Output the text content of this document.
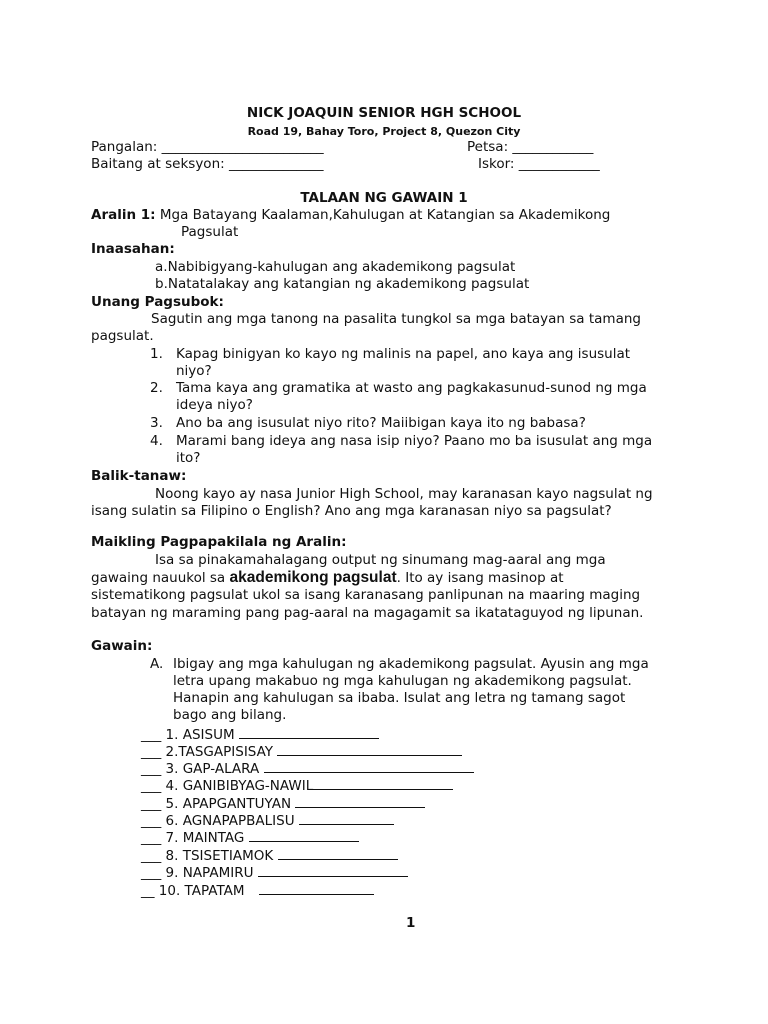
NICK JOAQUIN SENIOR HGH SCHOOL
Road 19, Bahay Toro, Project 8, Quezon City
Pangalan: ________________________	Petsa: ____________
Baitang at seksyon: ______________	Iskor: ____________
TALAAN NG GAWAIN 1
Aralin 1: Mga Batayang Kaalaman,Kahulugan at Katangian sa Akademikong
Pagsulat
Inaasahan:
a.Nabibigyang-kahulugan ang akademikong pagsulat
b.Natatalakay ang katangian ng akademikong pagsulat
Unang Pagsubok:
Sagutin ang mga tanong na pasalita tungkol sa mga batayan sa tamang
pagsulat.
1. Kapag binigyan ko kayo ng malinis na papel, ano kaya ang isusulat
niyo?
2. Tama kaya ang gramatika at wasto ang pagkakasunud-sunod ng mga
ideya niyo?
3. Ano ba ang isusulat niyo rito? Maiibigan kaya ito ng babasa?
4. Marami bang ideya ang nasa isip niyo? Paano mo ba isusulat ang mga
ito?
Balik-tanaw:
Noong kayo ay nasa Junior High School, may karanasan kayo nagsulat ng
isang sulatin sa Filipino o English? Ano ang mga karanasan niyo sa pagsulat?
Maikling Pagpapakilala ng Aralin:
Isa sa pinakamahalagang output ng sinumang mag-aaral ang mga
gawaing nauukol sa akademikong pagsulat. Ito ay isang masinop at
sistematikong pagsulat ukol sa isang karanasang panlipunan na maaring maging
batayan ng maraming pang pag-aaral na magagamit sa ikatataguyod ng lipunan.
Gawain:
A. Ibigay ang mga kahulugan ng akademikong pagsulat. Ayusin ang mga
letra upang makabuo ng mga kahulugan ng akademikong pagsulat.
Hanapin ang kahulugan sa ibaba. Isulat ang letra ng tamang sagot
bago ang bilang.
___ 1. ASISUM
___ 2.TASGAPISISAY
___ 3. GAP-ALARA
___ 4. GANIBIBYAG-NAWIL
___ 5. APAPGANTUYAN
___ 6. AGNAPAPBALISU
___ 7. MAINTAG
___ 8. TSISETIAMOK
___ 9. NAPAMIRU
__ 10. TAPATAM
1
